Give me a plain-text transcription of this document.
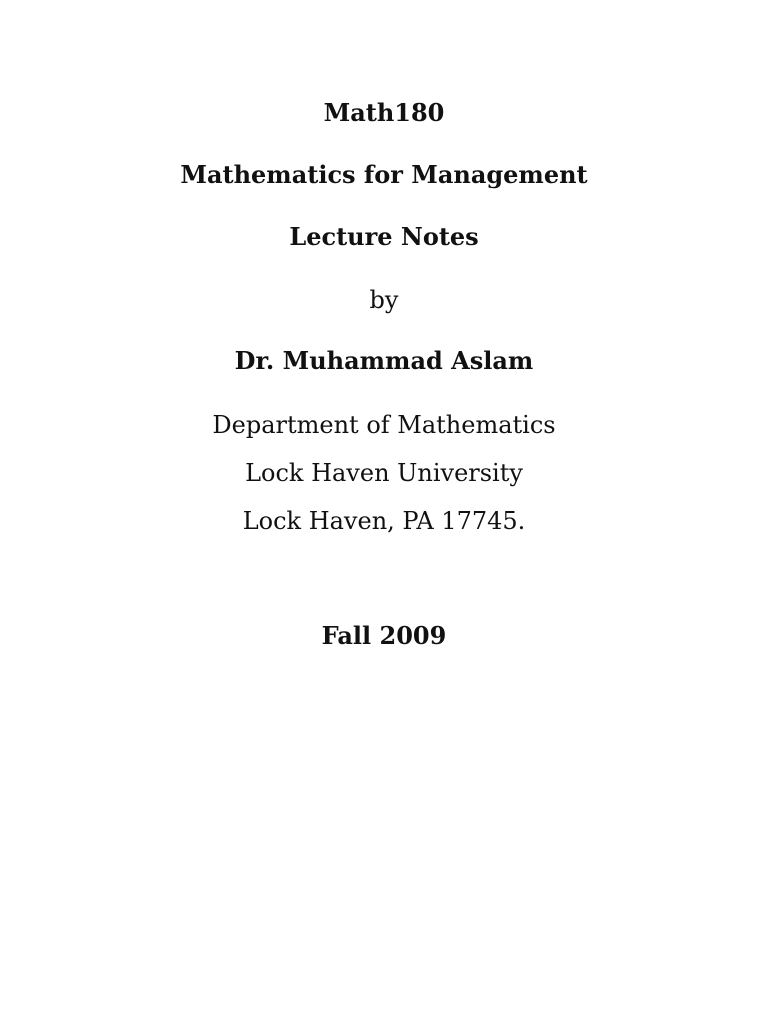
Math180
Mathematics for Management
Lecture Notes
by
Dr. Muhammad Aslam
Department of Mathematics
Lock Haven University
Lock Haven, PA 17745.
Fall 2009
